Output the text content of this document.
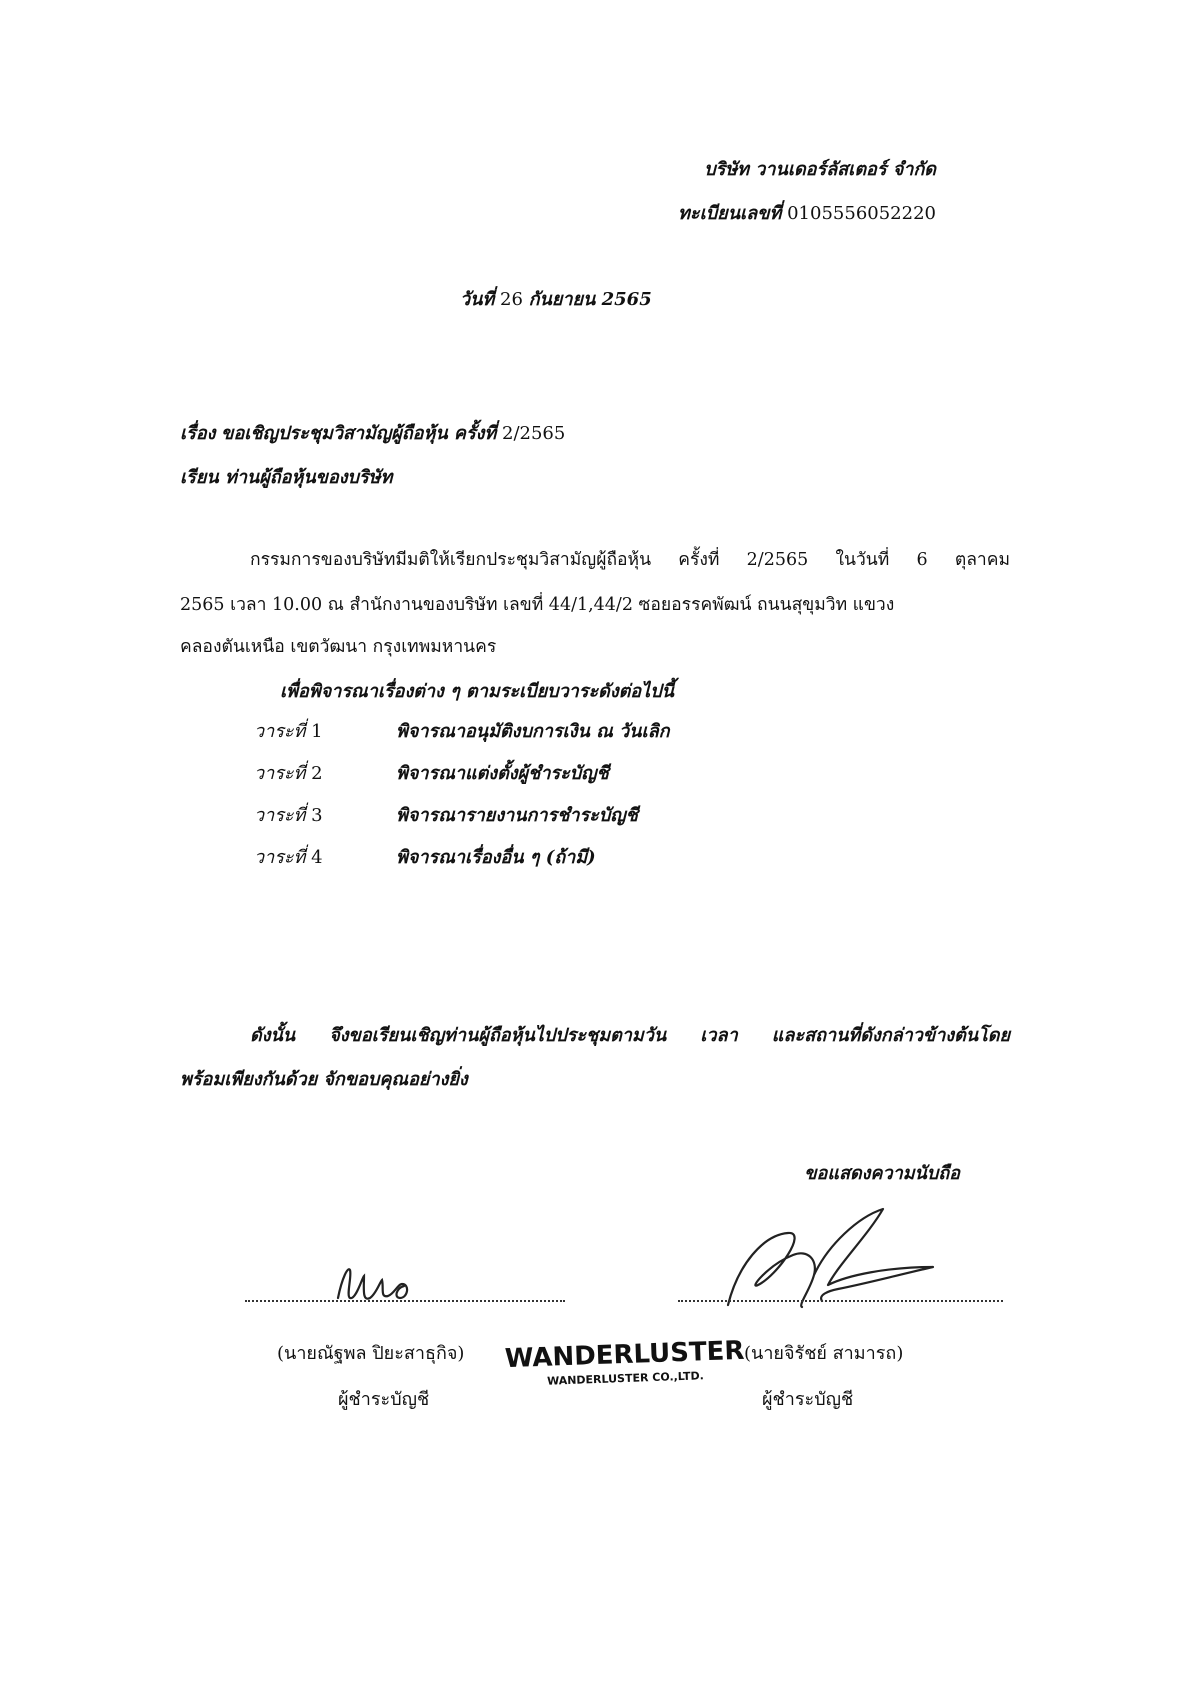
บริษัท วานเดอร์ลัสเตอร์ จำกัด
ทะเบียนเลขที่ 0105556052220
วันที่ 26 กันยายน 2565
เรื่อง ขอเชิญประชุมวิสามัญผู้ถือหุ้น ครั้งที่ 2/2565
เรียน ท่านผู้ถือหุ้นของบริษัท
กรรมการของบริษัทมีมติให้เรียกประชุมวิสามัญผู้ถือหุ้น ครั้งที่ 2/2565 ในวันที่ 6 ตุลาคม
2565 เวลา 10.00 ณ สำนักงานของบริษัท เลขที่ 44/1,44/2 ซอยอรรคพัฒน์ ถนนสุขุมวิท แขวง
คลองตันเหนือ เขตวัฒนา กรุงเทพมหานคร
เพื่อพิจารณาเรื่องต่าง ๆ ตามระเบียบวาระดังต่อไปนี้
วาระที่ 1	พิจารณาอนุมัติงบการเงิน ณ วันเลิก
วาระที่ 2	พิจารณาแต่งตั้งผู้ชำระบัญชี
วาระที่ 3	พิจารณารายงานการชำระบัญชี
วาระที่ 4	พิจารณาเรื่องอื่น ๆ (ถ้ามี)
ดังนั้น จึงขอเรียนเชิญท่านผู้ถือหุ้นไปประชุมตามวัน เวลา และสถานที่ดังกล่าวข้างต้นโดย
พร้อมเพียงกันด้วย จักขอบคุณอย่างยิ่ง
ขอแสดงความนับถือ
(นายณัฐพล ปิยะสาธุกิจ)
ผู้ชำระบัญชี
(นายจิรัชย์ สามารถ)
ผู้ชำระบัญชี
WANDERLUSTER
WANDERLUSTER CO.,LTD.
